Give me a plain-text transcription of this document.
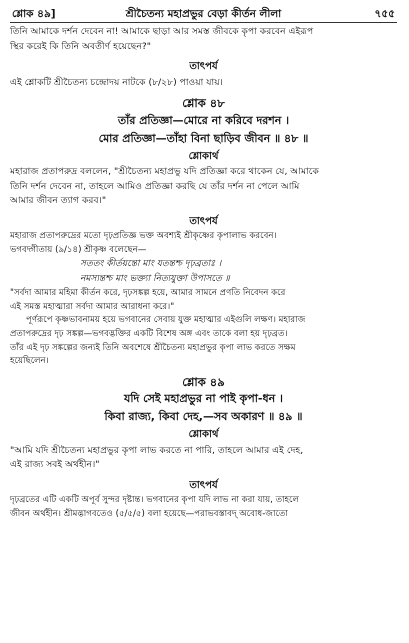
শ্লোক ৪৯]	শ্রীচৈতন্য মহাপ্রভুর বেড়া কীর্তন লীলা	৭৫৫

তিনি আমাকে দর্শন দেবেন না! আমাকে ছাড়া আর সমস্ত জীবকে কৃপা করবেন এইরূপ

স্থির করেই কি তিনি অবতীর্ণ হয়েছেন?"

তাৎপর্য

এই শ্লোকটি শ্রীচৈতন্য চন্দ্রোদয় নাটকে (৮/২৮) পাওয়া যায়।

শ্লোক ৪৮

তাঁর প্রতিজ্ঞা—মোরে না করিবে দরশন ।

মোর প্রতিজ্ঞা—তাঁহা বিনা ছাড়িব জীবন ॥ ৪৮ ॥

শ্লোকার্থ

মহারাজ প্রতাপরুদ্র বললেন, "শ্রীচৈতন্য মহাপ্রভু যদি প্রতিজ্ঞা করে থাকেন যে, আমাকে

তিনি দর্শন দেবেন না, তাহলে আমিও প্রতিজ্ঞা করছি যে তাঁর দর্শন না পেলে আমি

আমার জীবন ত্যাগ করব।"

তাৎপর্য

মহারাজ প্রতাপরুদ্রের মতো দৃঢ়প্রতিজ্ঞ ভক্ত অবশ্যই শ্রীকৃষ্ণের কৃপালাভ করবেন।

ভগবদ্গীতায় (৯/১৪) শ্রীকৃষ্ণ বলেছেন—

সততং কীর্তয়ন্তো মাং যতন্তশ্চ দৃঢ়ব্রতাঃ ।

নমস্যন্তশ্চ মাং ভক্ত্যা নিত্যযুক্তা উপাসতে ॥

"সর্বদা আমার মহিমা কীর্তন করে, দৃঢ়সঙ্কল্প হয়ে, আমার সামনে প্রণতি নিবেদন করে

এই সমস্ত মহাত্মারা সর্বদা আমার আরাধনা করে।"

পূর্ণরূপে কৃষ্ণভাবনাময় হয়ে ভগবানের সেবায় যুক্ত মহাত্মার এইগুলি লক্ষণ। মহারাজ

প্রতাপরুদ্রের দৃঢ় সঙ্কল্প—ভগবদ্ভক্তির একটি বিশেষ অঙ্গ এবং তাকে বলা হয় দৃঢ়ব্রত।

তাঁর এই দৃঢ় সঙ্কল্পের জন্যই তিনি অবশেষে শ্রীচৈতন্য মহাপ্রভুর কৃপা লাভ করতে সক্ষম

হয়েছিলেন।

শ্লোক ৪৯

যদি সেই মহাপ্রভুর না পাই কৃপা-ধন ।

কিবা রাজ্য, কিবা দেহ,—সব অকারণ ॥ ৪৯ ॥

শ্লোকার্থ

"আমি যদি শ্রীচৈতন্য মহাপ্রভুর কৃপা লাভ করতে না পারি, তাহলে আমার এই দেহ,

এই রাজ্য সবই অর্থহীন।"

তাৎপর্য

দৃঢ়ব্রতের এটি একটি অপূর্ব সুন্দর দৃষ্টান্ত। ভগবানের কৃপা যদি লাভ না করা যায়, তাহলে

জীবন অর্থহীন। শ্রীমদ্ভাগবতেও (৫/৫/৫) বলা হয়েছে—পরাভবস্তাবদ্ অবোধ-জাতো
